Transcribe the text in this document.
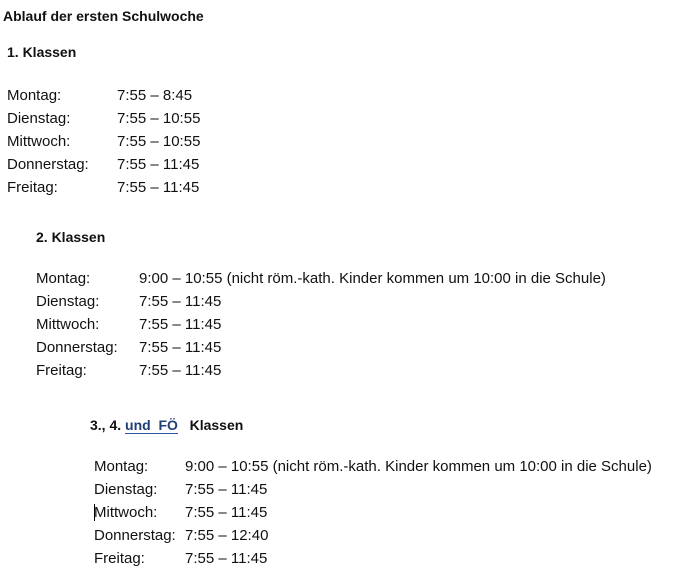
Ablauf der ersten Schulwoche
1. Klassen
Montag:	7:55 – 8:45
Dienstag:	7:55 – 10:55
Mittwoch:	7:55 – 10:55
Donnerstag: 7:55 – 11:45
Freitag:	7:55 – 11:45
2. Klassen
Montag:	9:00 – 10:55 (nicht röm.-kath. Kinder kommen um 10:00 in die Schule)
Dienstag:	7:55 – 11:45
Mittwoch:	7:55 – 11:45
Donnerstag: 7:55 – 11:45
Freitag:	7:55 – 11:45
3., 4. und  FÖ   Klassen
Montag: 9:00 – 10:55 (nicht röm.-kath. Kinder kommen um 10:00 in die Schule)
Dienstag: 7:55 – 11:45
Mittwoch: 7:55 – 11:45
Donnerstag: 7:55 – 12:40
Freitag:	7:55 – 11:45
